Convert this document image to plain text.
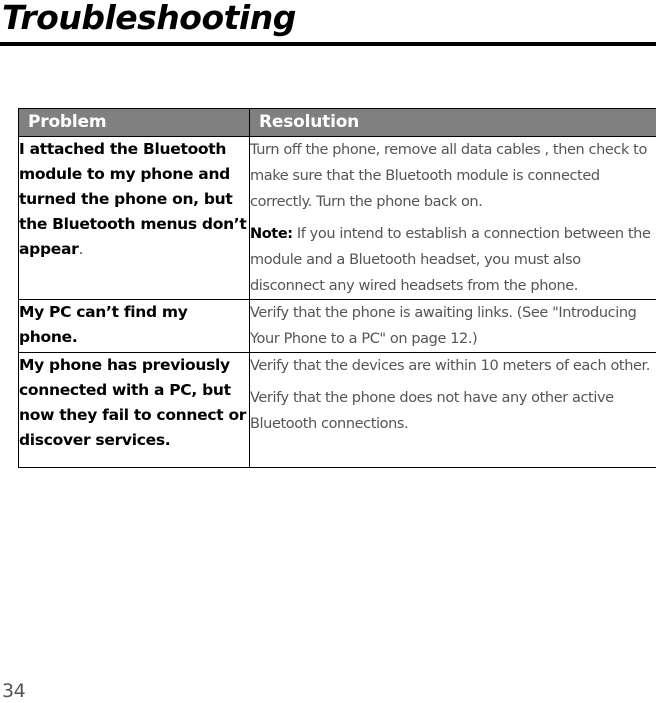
Troubleshooting
Problem	Resolution
I attached the Bluetooth module to my phone and turned the phone on, but the Bluetooth menus don’t appear.	Turn off the phone, remove all data cables , then check to make sure that the Bluetooth module is connected correctly. Turn the phone back on.

Note: If you intend to establish a connection between the module and a Bluetooth headset, you must also disconnect any wired headsets from the phone.

My PC can’t find my phone.	Verify that the phone is awaiting links. (See "Introducing Your Phone to a PC" on page 12.)

My phone has previously connected with a PC, but now they fail to connect or discover services.	Verify that the devices are within 10 meters of each other.

Verify that the phone does not have any other active Bluetooth connections.

34
